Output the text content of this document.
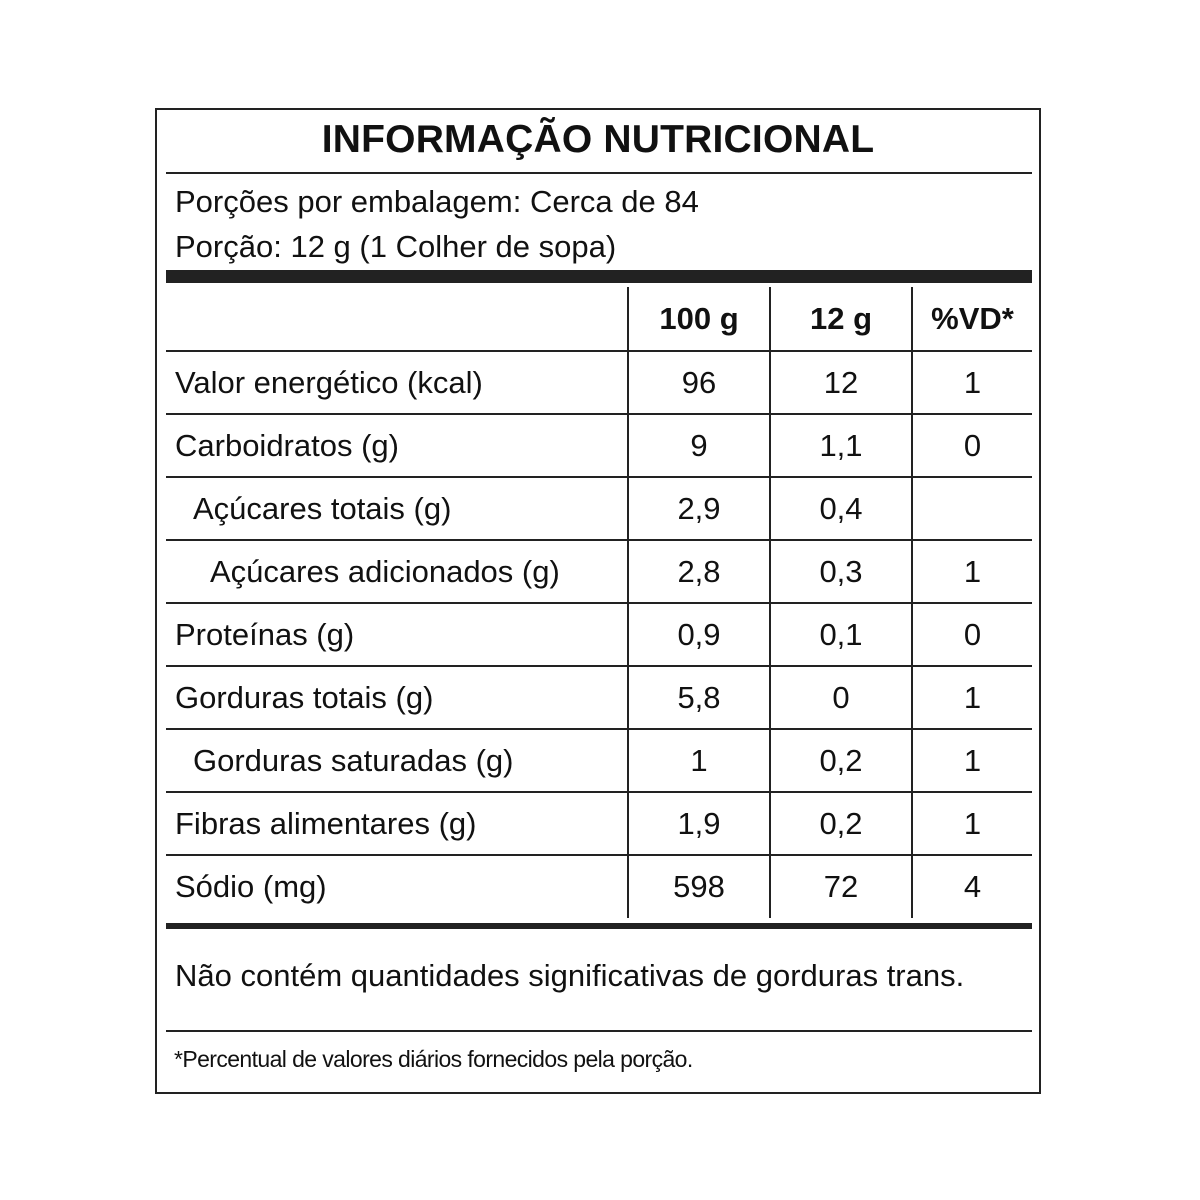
INFORMAÇÃO NUTRICIONAL
Porções por embalagem: Cerca de 84
Porção: 12 g (1 Colher de sopa)
	100 g	12 g	%VD*
Valor energético (kcal)	96	12	1
Carboidratos (g)	9	1,1	0
Açúcares totais (g)	2,9	0,4	
Açúcares adicionados (g)	2,8	0,3	1
Proteínas (g)	0,9	0,1	0
Gorduras totais (g)	5,8	0	1
Gorduras saturadas (g)	1	0,2	1
Fibras alimentares (g)	1,9	0,2	1
Sódio (mg)	598	72	4
Não contém quantidades significativas de gorduras trans.
*Percentual de valores diários fornecidos pela porção.
